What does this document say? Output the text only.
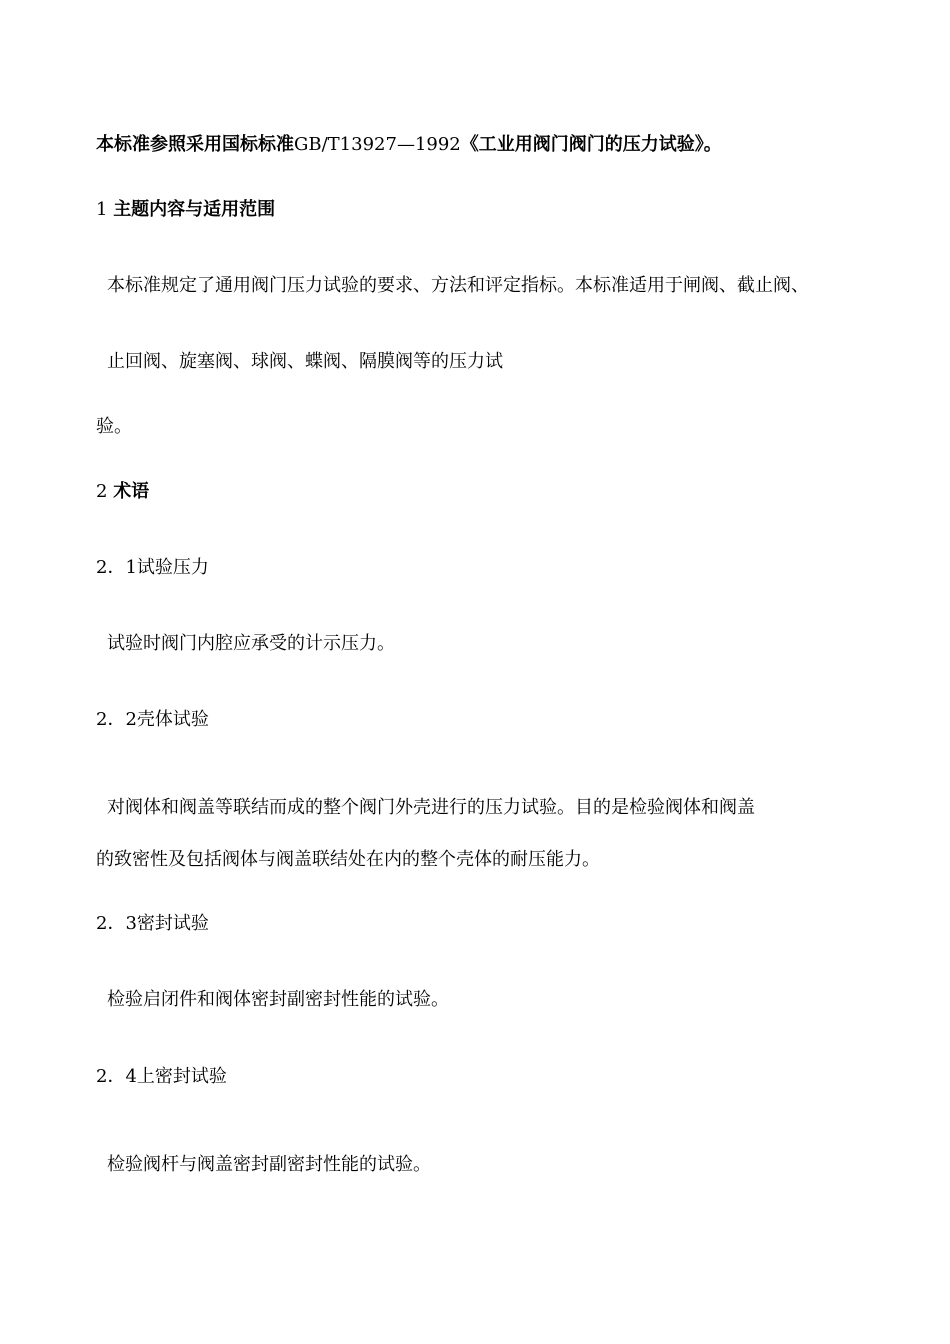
本标准参照采用国标标准GB/T13927—1992《工业用阀门阀门的压力试验》。
1 主题内容与适用范围
本标准规定了通用阀门压力试验的要求、方法和评定指标。本标准适用于闸阀、截止阀、
止回阀、旋塞阀、球阀、蝶阀、隔膜阀等的压力试
验。
2 术语
2．1试验压力
试验时阀门内腔应承受的计示压力。
2．2壳体试验
对阀体和阀盖等联结而成的整个阀门外壳进行的压力试验。目的是检验阀体和阀盖
的致密性及包括阀体与阀盖联结处在内的整个壳体的耐压能力。
2．3密封试验
检验启闭件和阀体密封副密封性能的试验。
2．4上密封试验
检验阀杆与阀盖密封副密封性能的试验。
